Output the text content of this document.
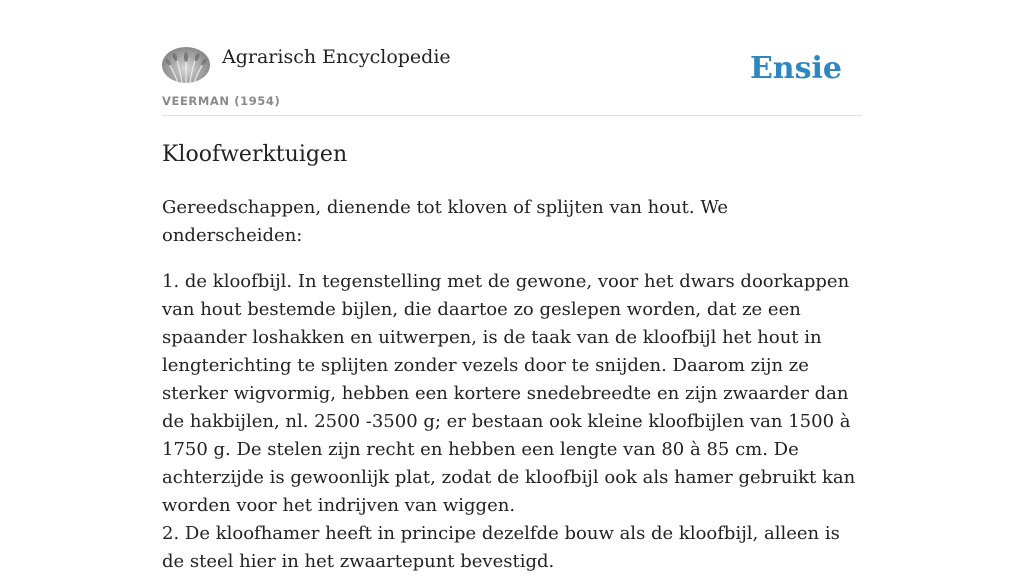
Agrarisch Encyclopedie
VEERMAN (1954)
Ensie
Kloofwerktuigen

Gereedschappen, dienende tot kloven of splijten van hout. We onderscheiden:

1. de kloofbijl. In tegenstelling met de gewone, voor het dwars doorkappen van hout bestemde bijlen, die daartoe zo geslepen worden, dat ze een spaander loshakken en uitwerpen, is de taak van de kloofbijl het hout in lengterichting te splijten zonder vezels door te snijden. Daarom zijn ze sterker wigvormig, hebben een kortere snedebreedte en zijn zwaarder dan de hakbijlen, nl. 2500 -3500 g; er bestaan ook kleine kloofbijlen van 1500 à 1750 g. De stelen zijn recht en hebben een lengte van 80 à 85 cm. De achterzijde is gewoonlijk plat, zodat de kloofbijl ook als hamer gebruikt kan worden voor het indrijven van wiggen.

2. De kloofhamer heeft in principe dezelfde bouw als de kloofbijl, alleen is de steel hier in het zwaartepunt bevestigd.
